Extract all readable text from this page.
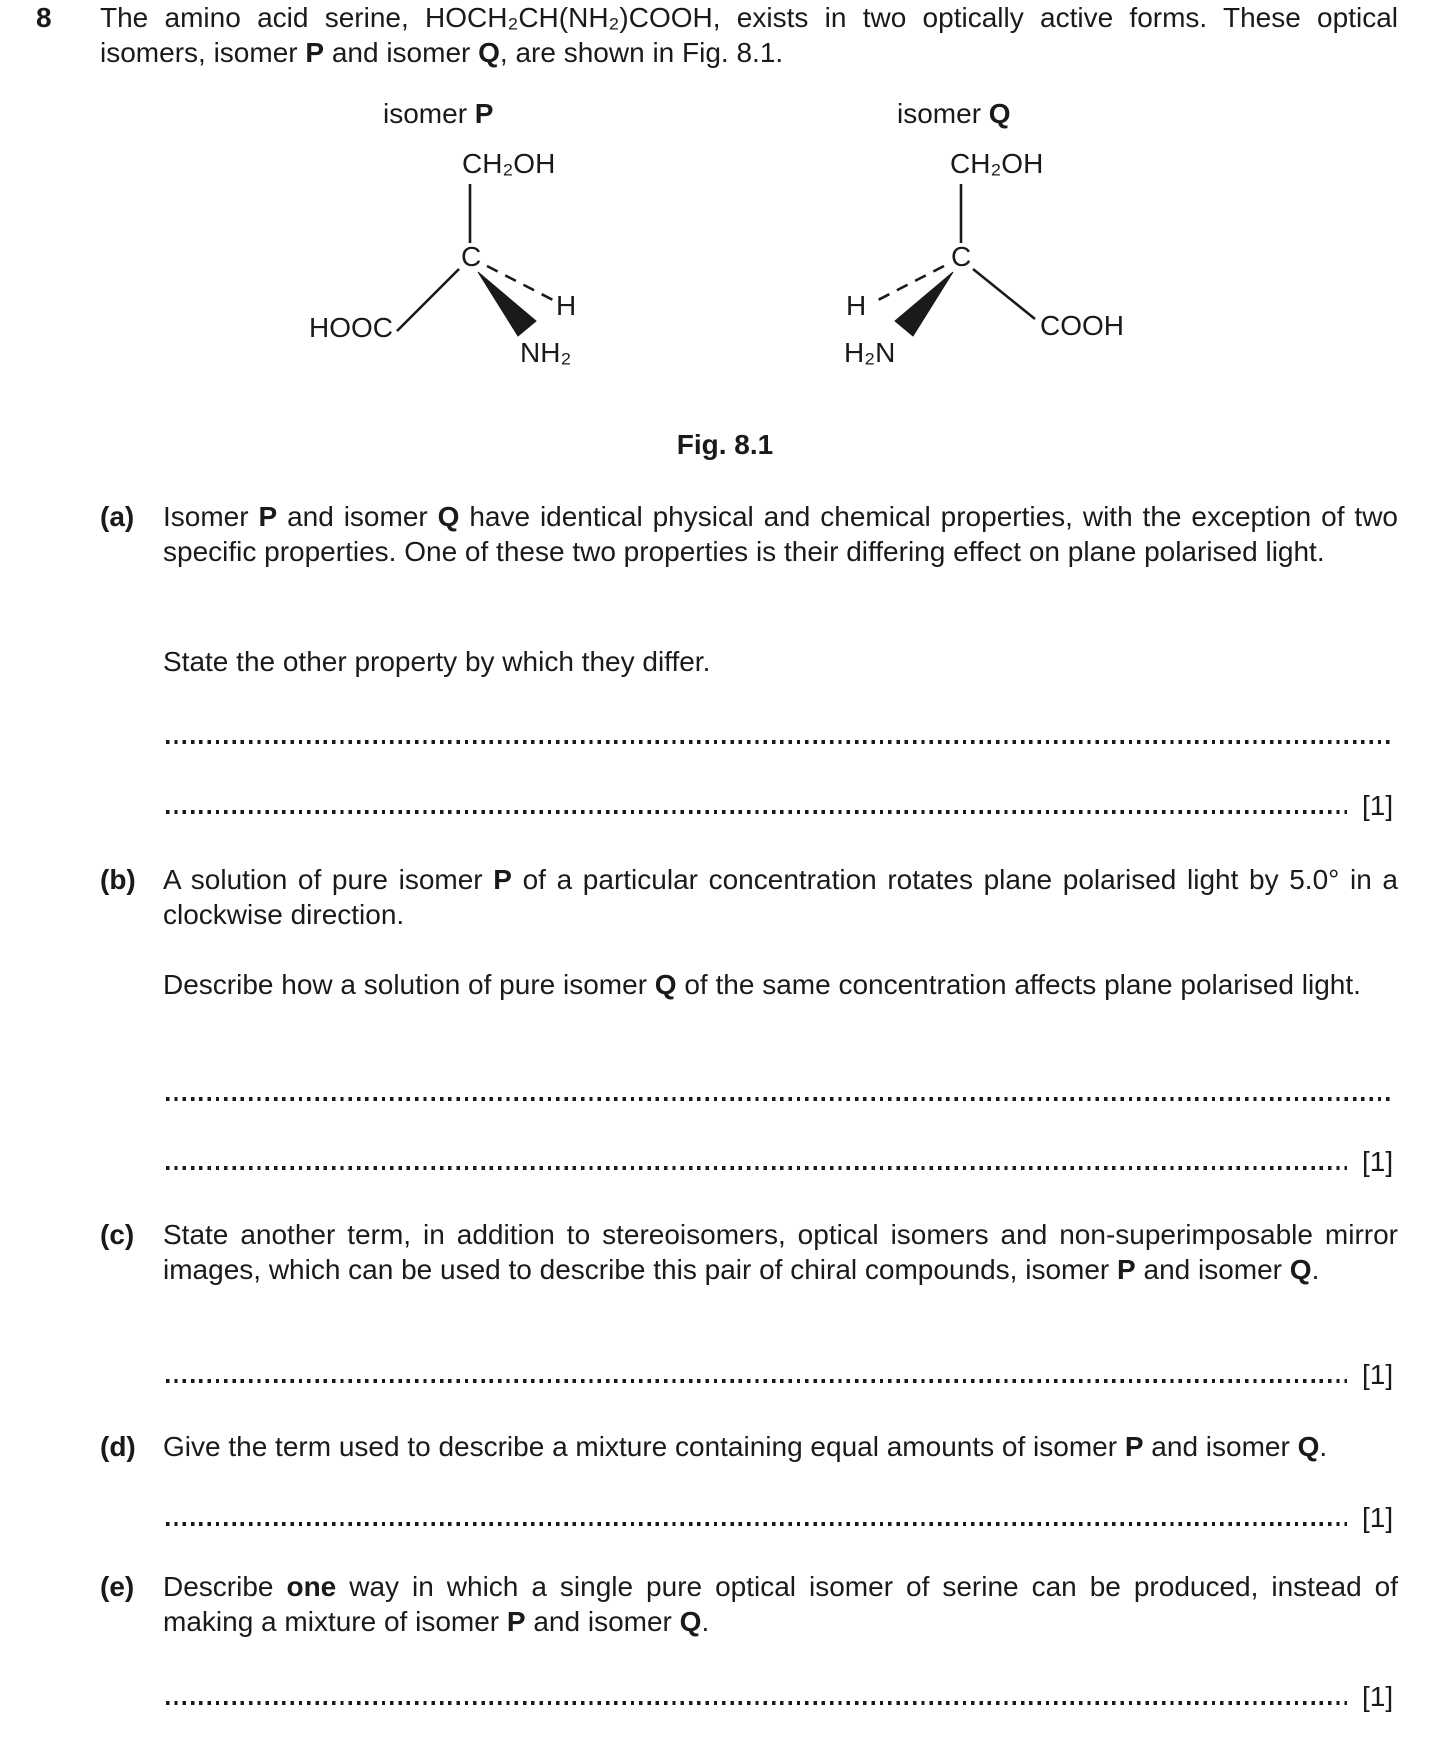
8 The amino acid serine, HOCH₂CH(NH₂)COOH, exists in two optically active forms. These optical isomers, isomer P and isomer Q, are shown in Fig. 8.1.
isomer P
CH₂OH
C
HOOC
H
NH₂
isomer Q
CH₂OH
C
H
H₂N
COOH
Fig. 8.1
(a) Isomer P and isomer Q have identical physical and chemical properties, with the exception of two specific properties. One of these two properties is their differing effect on plane polarised light.
State the other property by which they differ.
[1]
(b) A solution of pure isomer P of a particular concentration rotates plane polarised light by 5.0° in a clockwise direction.
Describe how a solution of pure isomer Q of the same concentration affects plane polarised light.
[1]
(c) State another term, in addition to stereoisomers, optical isomers and non-superimposable mirror images, which can be used to describe this pair of chiral compounds, isomer P and isomer Q.
[1]
(d) Give the term used to describe a mixture containing equal amounts of isomer P and isomer Q.
[1]
(e) Describe one way in which a single pure optical isomer of serine can be produced, instead of making a mixture of isomer P and isomer Q.
[1]
